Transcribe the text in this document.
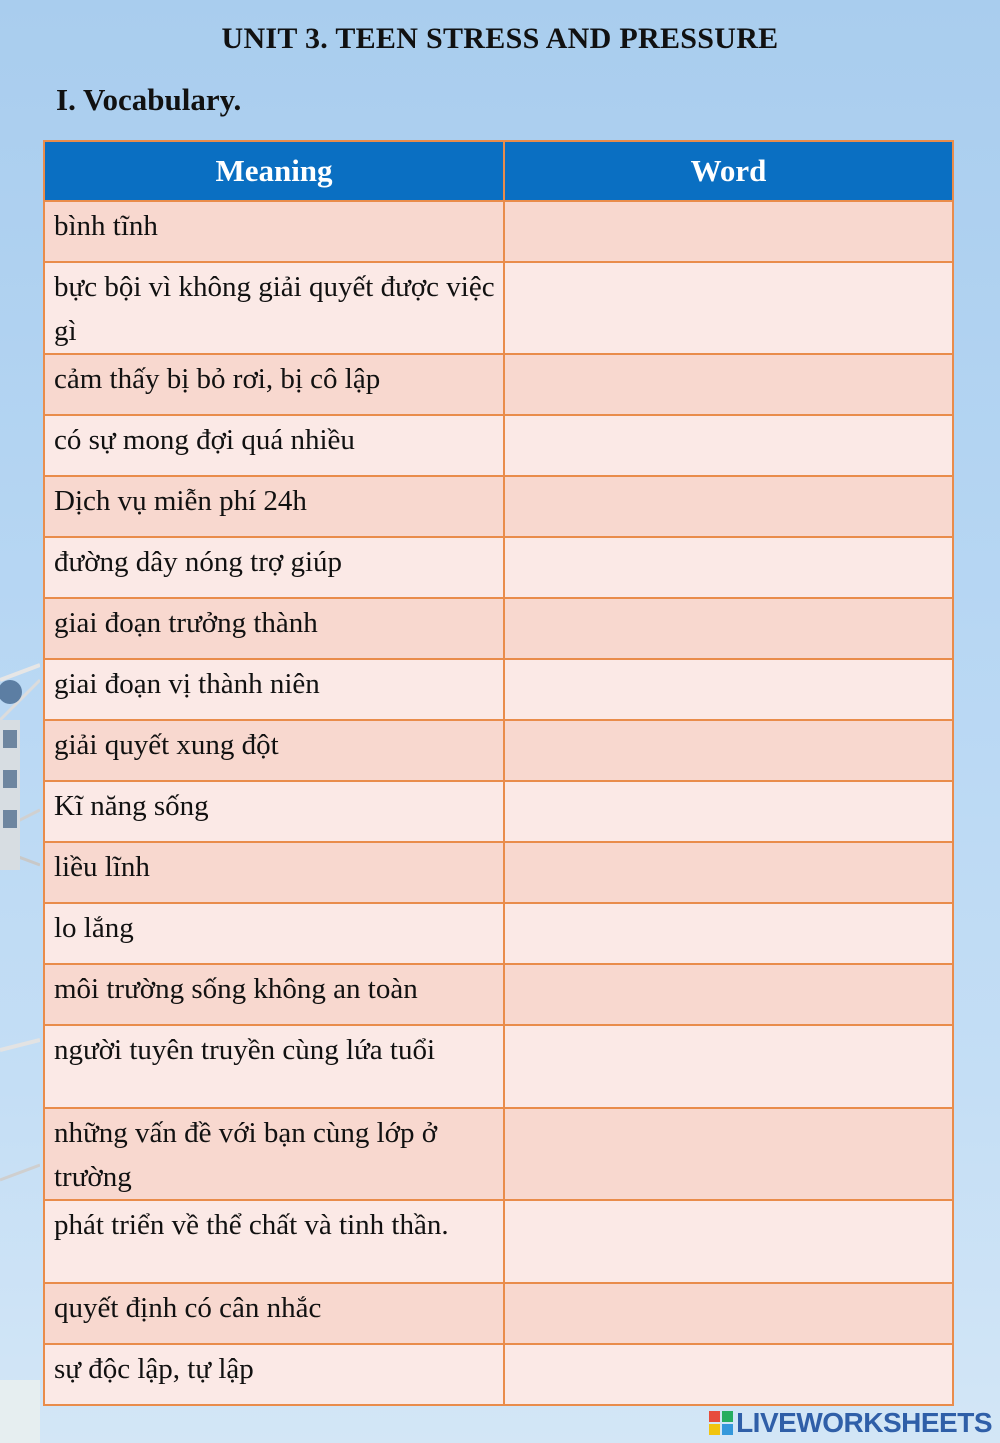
UNIT 3. TEEN STRESS AND PRESSURE
I. Vocabulary.
Meaning	Word
bình tĩnh	
bực bội vì không giải quyết được việc gì	
cảm thấy bị bỏ rơi, bị cô lập	
có sự mong đợi quá nhiều	
Dịch vụ miễn phí 24h	
đường dây nóng trợ giúp	
giai đoạn trưởng thành	
giai đoạn vị thành niên	
giải quyết xung đột	
Kĩ năng sống	
liều lĩnh	
lo lắng	
môi trường sống không an toàn	
người tuyên truyền cùng lứa tuổi	
những vấn đề với bạn cùng lớp ở trường	
phát triển về thể chất và tinh thần.	
quyết định có cân nhắc	
sự độc lập, tự lập	
LIVEWORKSHEETS
